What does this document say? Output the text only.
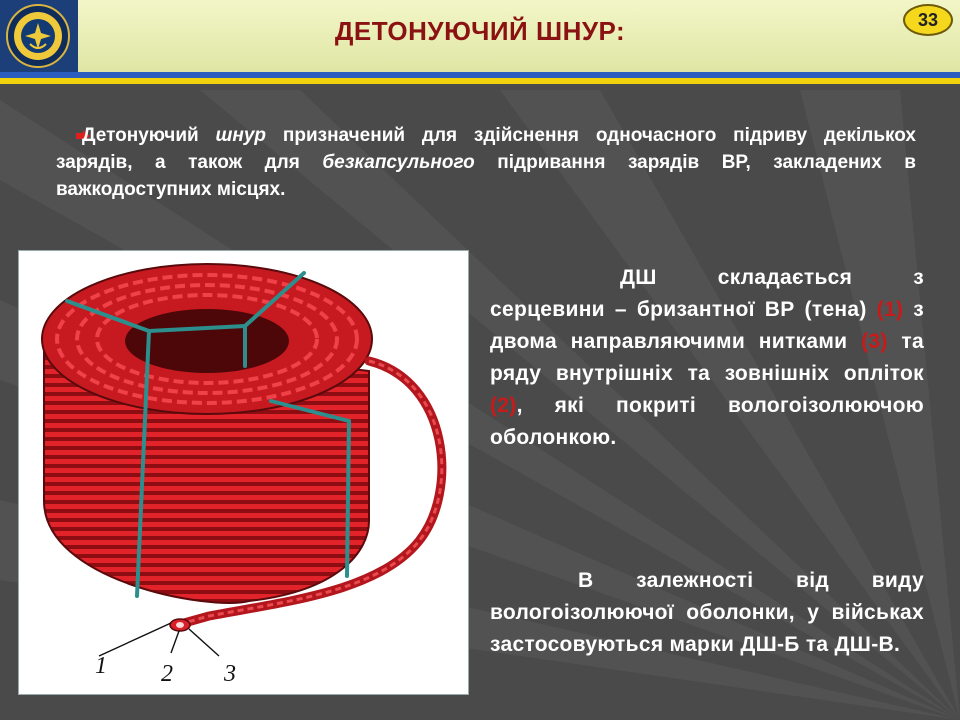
ДЕТОНУЮЧИЙ ШНУР:	33
Детонуючий шнур призначений для здійснення одночасного підриву декількох зарядів, а також для безкапсульного підривання зарядів ВР, закладених в важкодоступних місцях.
1 2 3
ДШ складається з серцевини – бризантної ВР (тена) (1) з двома направляючими нитками (3) та ряду внутрішніх та зовнішніх опліток (2), які покриті вологоізолюючою оболонкою.
В залежності від виду вологоізолюючої оболонки, у військах застосовуються марки ДШ-Б та ДШ-В.
